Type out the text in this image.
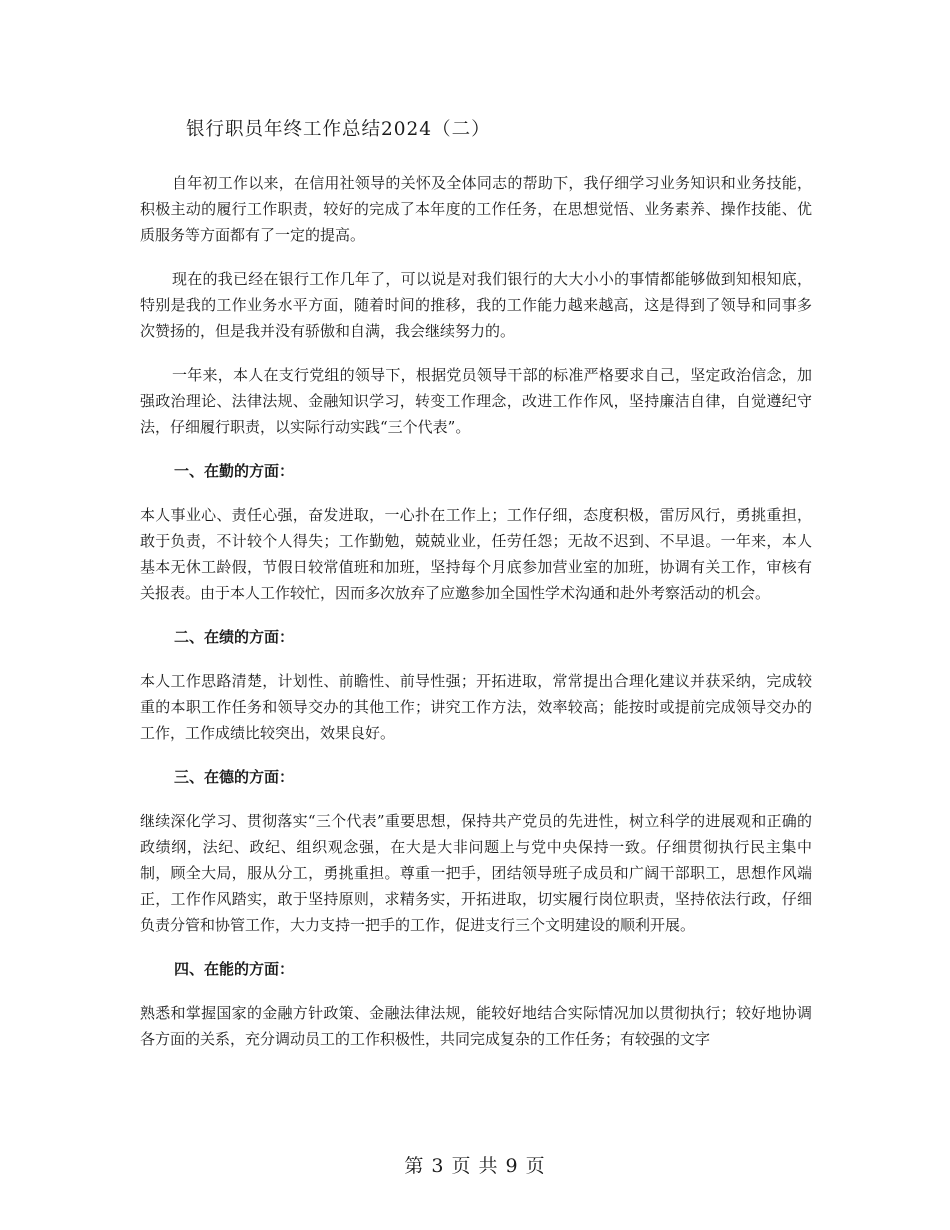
银行职员年终工作总结2024（二）

自年初工作以来，在信用社领导的关怀及全体同志的帮助下，我仔细学习业务知识和业务技能，积极主动的履行工作职责，较好的完成了本年度的工作任务，在思想觉悟、业务素养、操作技能、优质服务等方面都有了一定的提高。

现在的我已经在银行工作几年了，可以说是对我们银行的大大小小的事情都能够做到知根知底，特别是我的工作业务水平方面，随着时间的推移，我的工作能力越来越高，这是得到了领导和同事多次赞扬的，但是我并没有骄傲和自满，我会继续努力的。

一年来，本人在支行党组的领导下，根据党员领导干部的标准严格要求自己，坚定政治信念，加强政治理论、法律法规、金融知识学习，转变工作理念，改进工作作风，坚持廉洁自律，自觉遵纪守法，仔细履行职责，以实际行动实践“三个代表”。

一、在勤的方面：

本人事业心、责任心强，奋发进取，一心扑在工作上；工作仔细，态度积极，雷厉风行，勇挑重担，敢于负责，不计较个人得失；工作勤勉，兢兢业业，任劳任怨；无故不迟到、不早退。一年来，本人基本无休工龄假，节假日较常值班和加班，坚持每个月底参加营业室的加班，协调有关工作，审核有关报表。由于本人工作较忙，因而多次放弃了应邀参加全国性学术沟通和赴外考察活动的机会。

二、在绩的方面：

本人工作思路清楚，计划性、前瞻性、前导性强；开拓进取，常常提出合理化建议并获采纳，完成较重的本职工作任务和领导交办的其他工作；讲究工作方法，效率较高；能按时或提前完成领导交办的工作，工作成绩比较突出，效果良好。

三、在德的方面：

继续深化学习、贯彻落实“三个代表”重要思想，保持共产党员的先进性，树立科学的进展观和正确的政绩纲，法纪、政纪、组织观念强，在大是大非问题上与党中央保持一致。仔细贯彻执行民主集中制，顾全大局，服从分工，勇挑重担。尊重一把手，团结领导班子成员和广阔干部职工，思想作风端正，工作作风踏实，敢于坚持原则，求精务实，开拓进取，切实履行岗位职责，坚持依法行政，仔细负责分管和协管工作，大力支持一把手的工作，促进支行三个文明建设的顺利开展。

四、在能的方面：

熟悉和掌握国家的金融方针政策、金融法律法规，能较好地结合实际情况加以贯彻执行；较好地协调各方面的关系，充分调动员工的工作积极性，共同完成复杂的工作任务；有较强的文字

第 3 页 共 9 页
